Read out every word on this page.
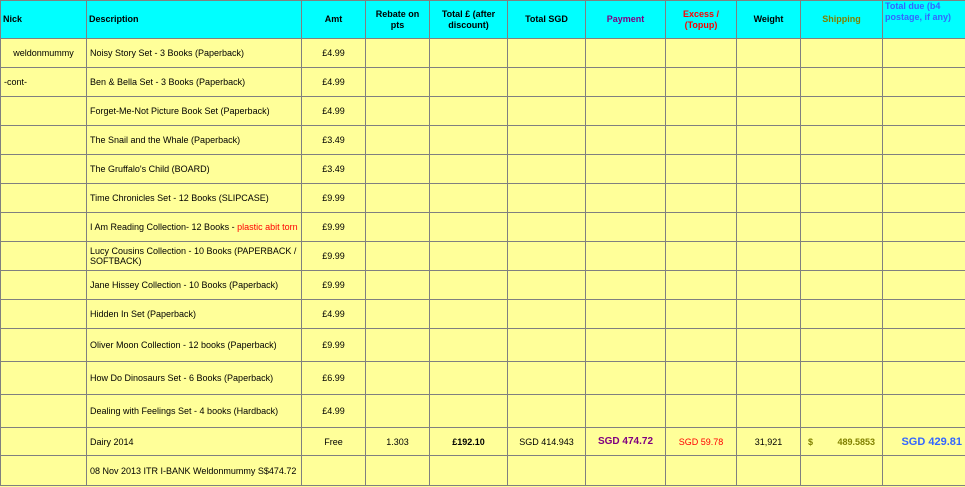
Nick	Description	Amt	Rebate on pts	Total £ (after discount)	Total SGD	Payment	Excess / (Topup)	Weight	Shipping	Total due (b4 postage, if any)
weldonmummy	Noisy Story Set - 3 Books (Paperback)	£4.99								
-cont-	Ben & Bella Set - 3 Books (Paperback)	£4.99								
	Forget-Me-Not Picture Book Set (Paperback)	£4.99								
	The Snail and the Whale (Paperback)	£3.49								
	The Gruffalo's Child (BOARD)	£3.49								
	Time Chronicles Set - 12 Books (SLIPCASE)	£9.99								
	I Am Reading Collection- 12 Books - plastic abit torn	£9.99								
	Lucy Cousins Collection - 10 Books (PAPERBACK / SOFTBACK)	£9.99								
	Jane Hissey Collection - 10 Books (Paperback)	£9.99								
	Hidden In Set (Paperback)	£4.99								
	Oliver Moon Collection - 12 books (Paperback)	£9.99								
	How Do Dinosaurs Set - 6 Books (Paperback)	£6.99								
	Dealing with Feelings Set - 4 books (Hardback)	£4.99								
	Dairy 2014	Free	1.303	£192.10	SGD 414.943	SGD 474.72	SGD 59.78	31,921	$ 489.5853	SGD 429.81
	08 Nov 2013 ITR I-BANK Weldonmummy S$474.72									
